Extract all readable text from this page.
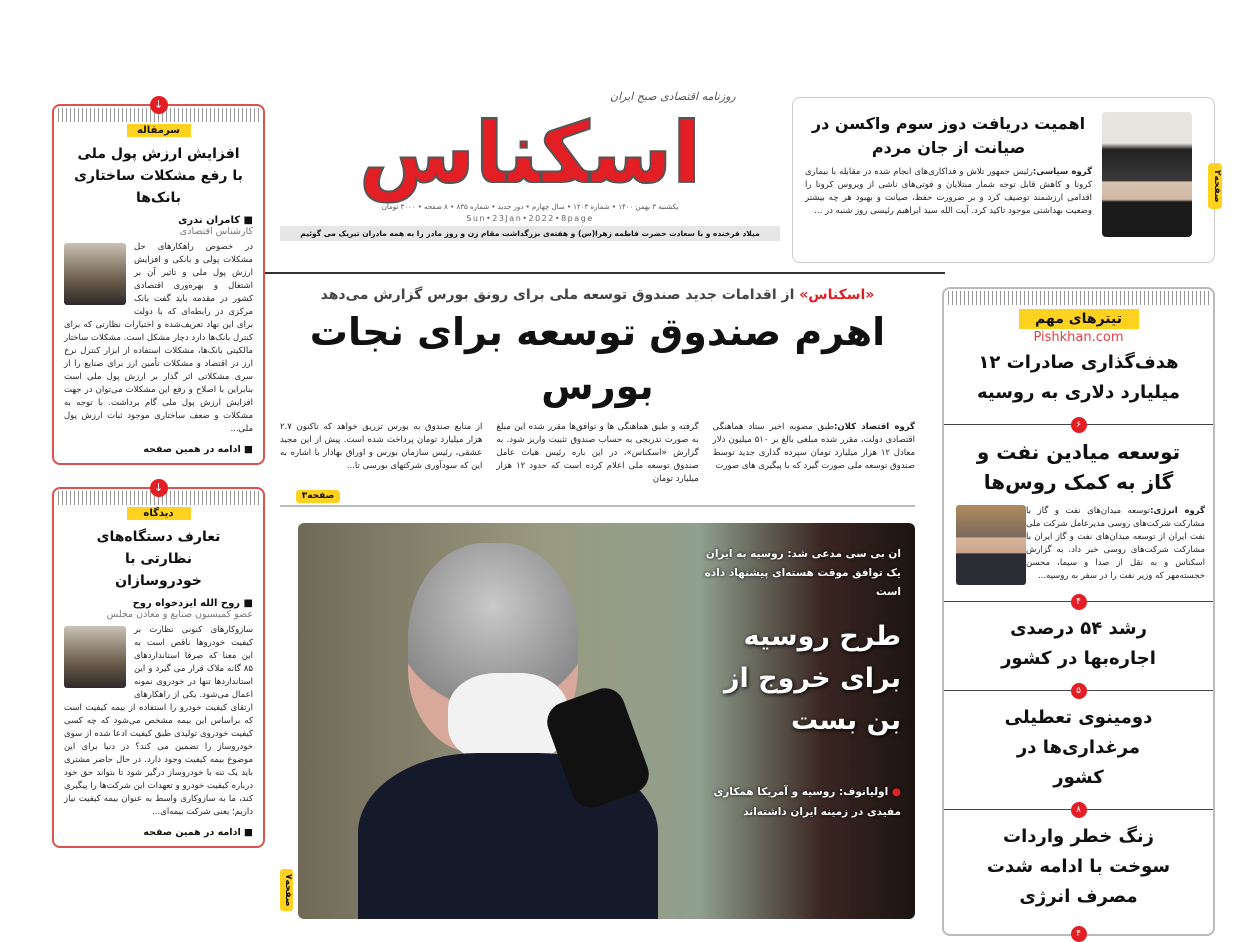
↓
سرمقاله
افزایش ارزش پول ملی با رفع مشکلات ساختاری بانک‌ها
■ کامران ندری
کارشناس اقتصادی
در خصوص راهکارهای حل مشکلات پولی و بانکی و افزایش ارزش پول ملی و تاثیر آن بر اشتغال و بهره‌وری اقتصادی کشور در مقدمه باید گفت بانک مرکزی در رابطه‌ای که با دولت برای این نهاد تعریف‌شده و اختیارات نظارتی که برای کنترل بانک‌ها دارد دچار مشکل است. مشکلات ساختار مالکیتی بانک‌ها، مشکلات استفاده از ابزار کنترل نرخ ارز در اقتصاد و مشکلات تأمین ارز برای صنایع را از سری مشکلاتی اثر گذار بر ارزش پول ملی است بنابراین با اصلاح و رفع این مشکلات می‌توان در جهت افزایش ارزش پول ملی گام برداشت. با توجه به مشکلات و ضعف ساختاری موجود ثبات ارزش پول ملی...
■ ادامه در همین صفحه
↓
دیدگاه
تعارف دستگاه‌های نظارتی با خودروسازان
■ روح الله ایزدخواه روح
عضو کمیسیون صنایع و معادن مجلس
سازوکارهای کنونی نظارت بر کیفیت خودروها ناقص است به این معنا که صرفا استانداردهای ۸۵ گانه ملاک قرار می گیرد و این استانداردها تنها در خودروی نمونه اعمال می‌شود. یکی از راهکارهای ارتقای کیفیت خودرو را استفاده از بیمه کیفیت است که براساس این بیمه مشخص می‌شود که چه کسی کیفیت خودروی تولیدی طبق کیفیت ادعا شده از سوی خودروساز را تضمین می کند؟ در دنیا برای این موضوع بیمه کیفیت وجود دارد. در حال حاضر مشتری باید یک تنه با خودروساز درگیر شود تا بتواند حق خود درباره کیفیت خودرو و تعهدات این شرکت‌ها را پیگیری کند، ما به سازوکاری واسط به عنوان بیمه کیفیت نیاز داریم؛ یعنی شرکت بیمه‌ای...
■ ادامه در همین صفحه
روزنامه اقتصادی صبح ایران
اسکناس
یکشنبه ۳ بهمن ۱۴۰۰ • شماره ۱۲۰۳ • سال چهارم • دور جدید • شماره ۸۳۵ • ۸ صفحه • ۳۰۰۰ تومان
Sun•23Jan•2022•8page
میلاد فرخنده و با سعادت حضرت فاطمه زهرا(س) و هفته‌ی بزرگداشت مقام زن و روز مادر را به همه مادران تبریک می گوئیم
اهمیت دریافت دوز سوم واکسن در صیانت از جان مردم
گروه سیاسی:رئیس جمهور تلاش و فداکاری‌های انجام شده در مقابله با بیماری کرونا و کاهش قابل توجه شمار مبتلایان و فوتی‌های ناشی از ویروس کرونا را اقدامی ارزشمند توصیف کرد و بر ضرورت حفظ، صیانت و بهبود هر چه بیشتر وضعیت بهداشتی موجود تاکید کرد. آیت الله سید ابراهیم رئیسی روز شنبه در ...
صفحه۲
«اسکناس» از اقدامات جدید صندوق توسعه ملی برای رونق بورس گزارش می‌دهد
اهرم صندوق توسعه برای نجات بورس
گروه اقتصاد کلان:طبق مصوبه اخیر ستاد هماهنگی اقتصادی دولت، مقرر شده مبلغی بالغ بر ۵۱۰ میلیون دلار معادل ۱۲ هزار میلیارد تومان سپرده گذاری جدید توسط صندوق توسعه ملی صورت گیرد که با پیگیری های صورت
گرفته و طبق هماهنگی ها و توافق‌ها مقرر شده این مبلغ به صورت تدریجی به حساب صندوق تثبیت واریز شود. به گزارش «اسکناس»، در این باره رئیس هیات عامل صندوق توسعه ملی اعلام کرده است که حدود ۱۲ هزار میلیارد تومان
از منابع صندوق به بورس تزریق خواهد که تاکنون ۲.۷ هزار میلیارد تومان پرداخت شده است. پیش از این مجید عشقی، رئیس سازمان بورس و اوراق بهادار با اشاره به این که سودآوری شرکتهای بورسی تا...
صفحه۳
صفحه۷
ان بی سی مدعی شد: روسیه به ایران یک توافق موقت هسته‌ای پیشنهاد داده است
طرح روسیه برای خروج از بن بست
● اولیانوف: روسیه و آمریکا همکاری مفیدی در زمینه ایران داشته‌اند
تیترهای مهم
Pishkhan.com
هدف‌گذاری صادرات ۱۲ میلیارد دلاری به روسیه
۶
توسعه میادین نفت و گاز به کمک روس‌ها
گروه انرژی:توسعه میدان‌های نفت و گاز با مشارکت شرکت‌های روسی مدیرعامل شرکت ملی نفت ایران از توسعه میدان‌های نفت و گاز ایران با مشارکت شرکت‌های روسی خبر داد. به گزارش اسکناس و به نقل از صدا و سیما، محسن خجسته‌مهر که وزیر نفت را در سفر به روسیه...
۴
رشد ۵۴ درصدی اجاره‌بها در کشور
۵
دومینوی تعطیلی مرغداری‌ها در کشور
۸
زنگ خطر واردات سوخت با ادامه شدت مصرف انرژی
۴
